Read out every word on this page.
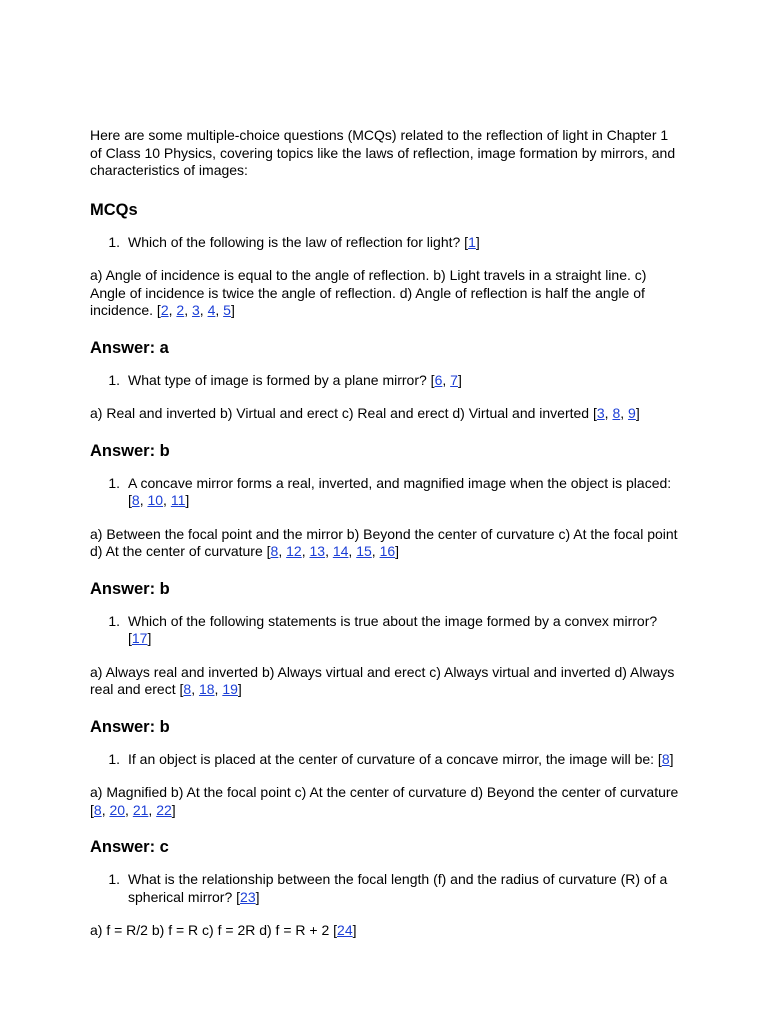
Here are some multiple-choice questions (MCQs) related to the reflection of light in Chapter 1 of Class 10 Physics, covering topics like the laws of reflection, image formation by mirrors, and characteristics of images:

MCQs
1. Which of the following is the law of reflection for light? [1]

a) Angle of incidence is equal to the angle of reflection. b) Light travels in a straight line. c) Angle of incidence is twice the angle of reflection. d) Angle of reflection is half the angle of incidence. [2, 2, 3, 4, 5]

Answer: a
1. What type of image is formed by a plane mirror? [6, 7]

a) Real and inverted b) Virtual and erect c) Real and erect d) Virtual and inverted [3, 8, 9]

Answer: b
1. A concave mirror forms a real, inverted, and magnified image when the object is placed: [8, 10, 11]

a) Between the focal point and the mirror b) Beyond the center of curvature c) At the focal point d) At the center of curvature [8, 12, 13, 14, 15, 16]

Answer: b
1. Which of the following statements is true about the image formed by a convex mirror? [17]

a) Always real and inverted b) Always virtual and erect c) Always virtual and inverted d) Always real and erect [8, 18, 19]

Answer: b
1. If an object is placed at the center of curvature of a concave mirror, the image will be: [8]

a) Magnified b) At the focal point c) At the center of curvature d) Beyond the center of curvature [8, 20, 21, 22]

Answer: c
1. What is the relationship between the focal length (f) and the radius of curvature (R) of a spherical mirror? [23]

a) f = R/2 b) f = R c) f = 2R d) f = R + 2 [24]
